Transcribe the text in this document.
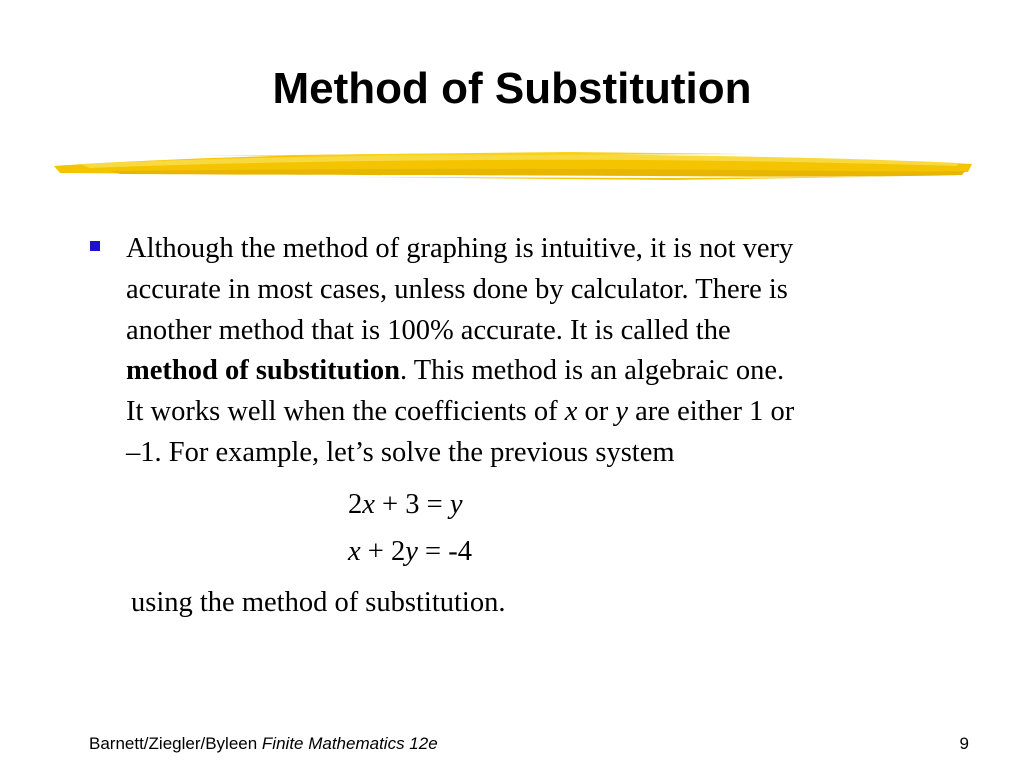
Method of Substitution
Although the method of graphing is intuitive, it is not very
accurate in most cases, unless done by calculator. There is
another method that is 100% accurate. It is called the
method of substitution. This method is an algebraic one.
It works well when the coefficients of x or y are either 1 or
–1. For example, let’s solve the previous system
2x + 3 = y
x + 2y = -4
using the method of substitution.
Barnett/Ziegler/Byleen Finite Mathematics 12e	9
